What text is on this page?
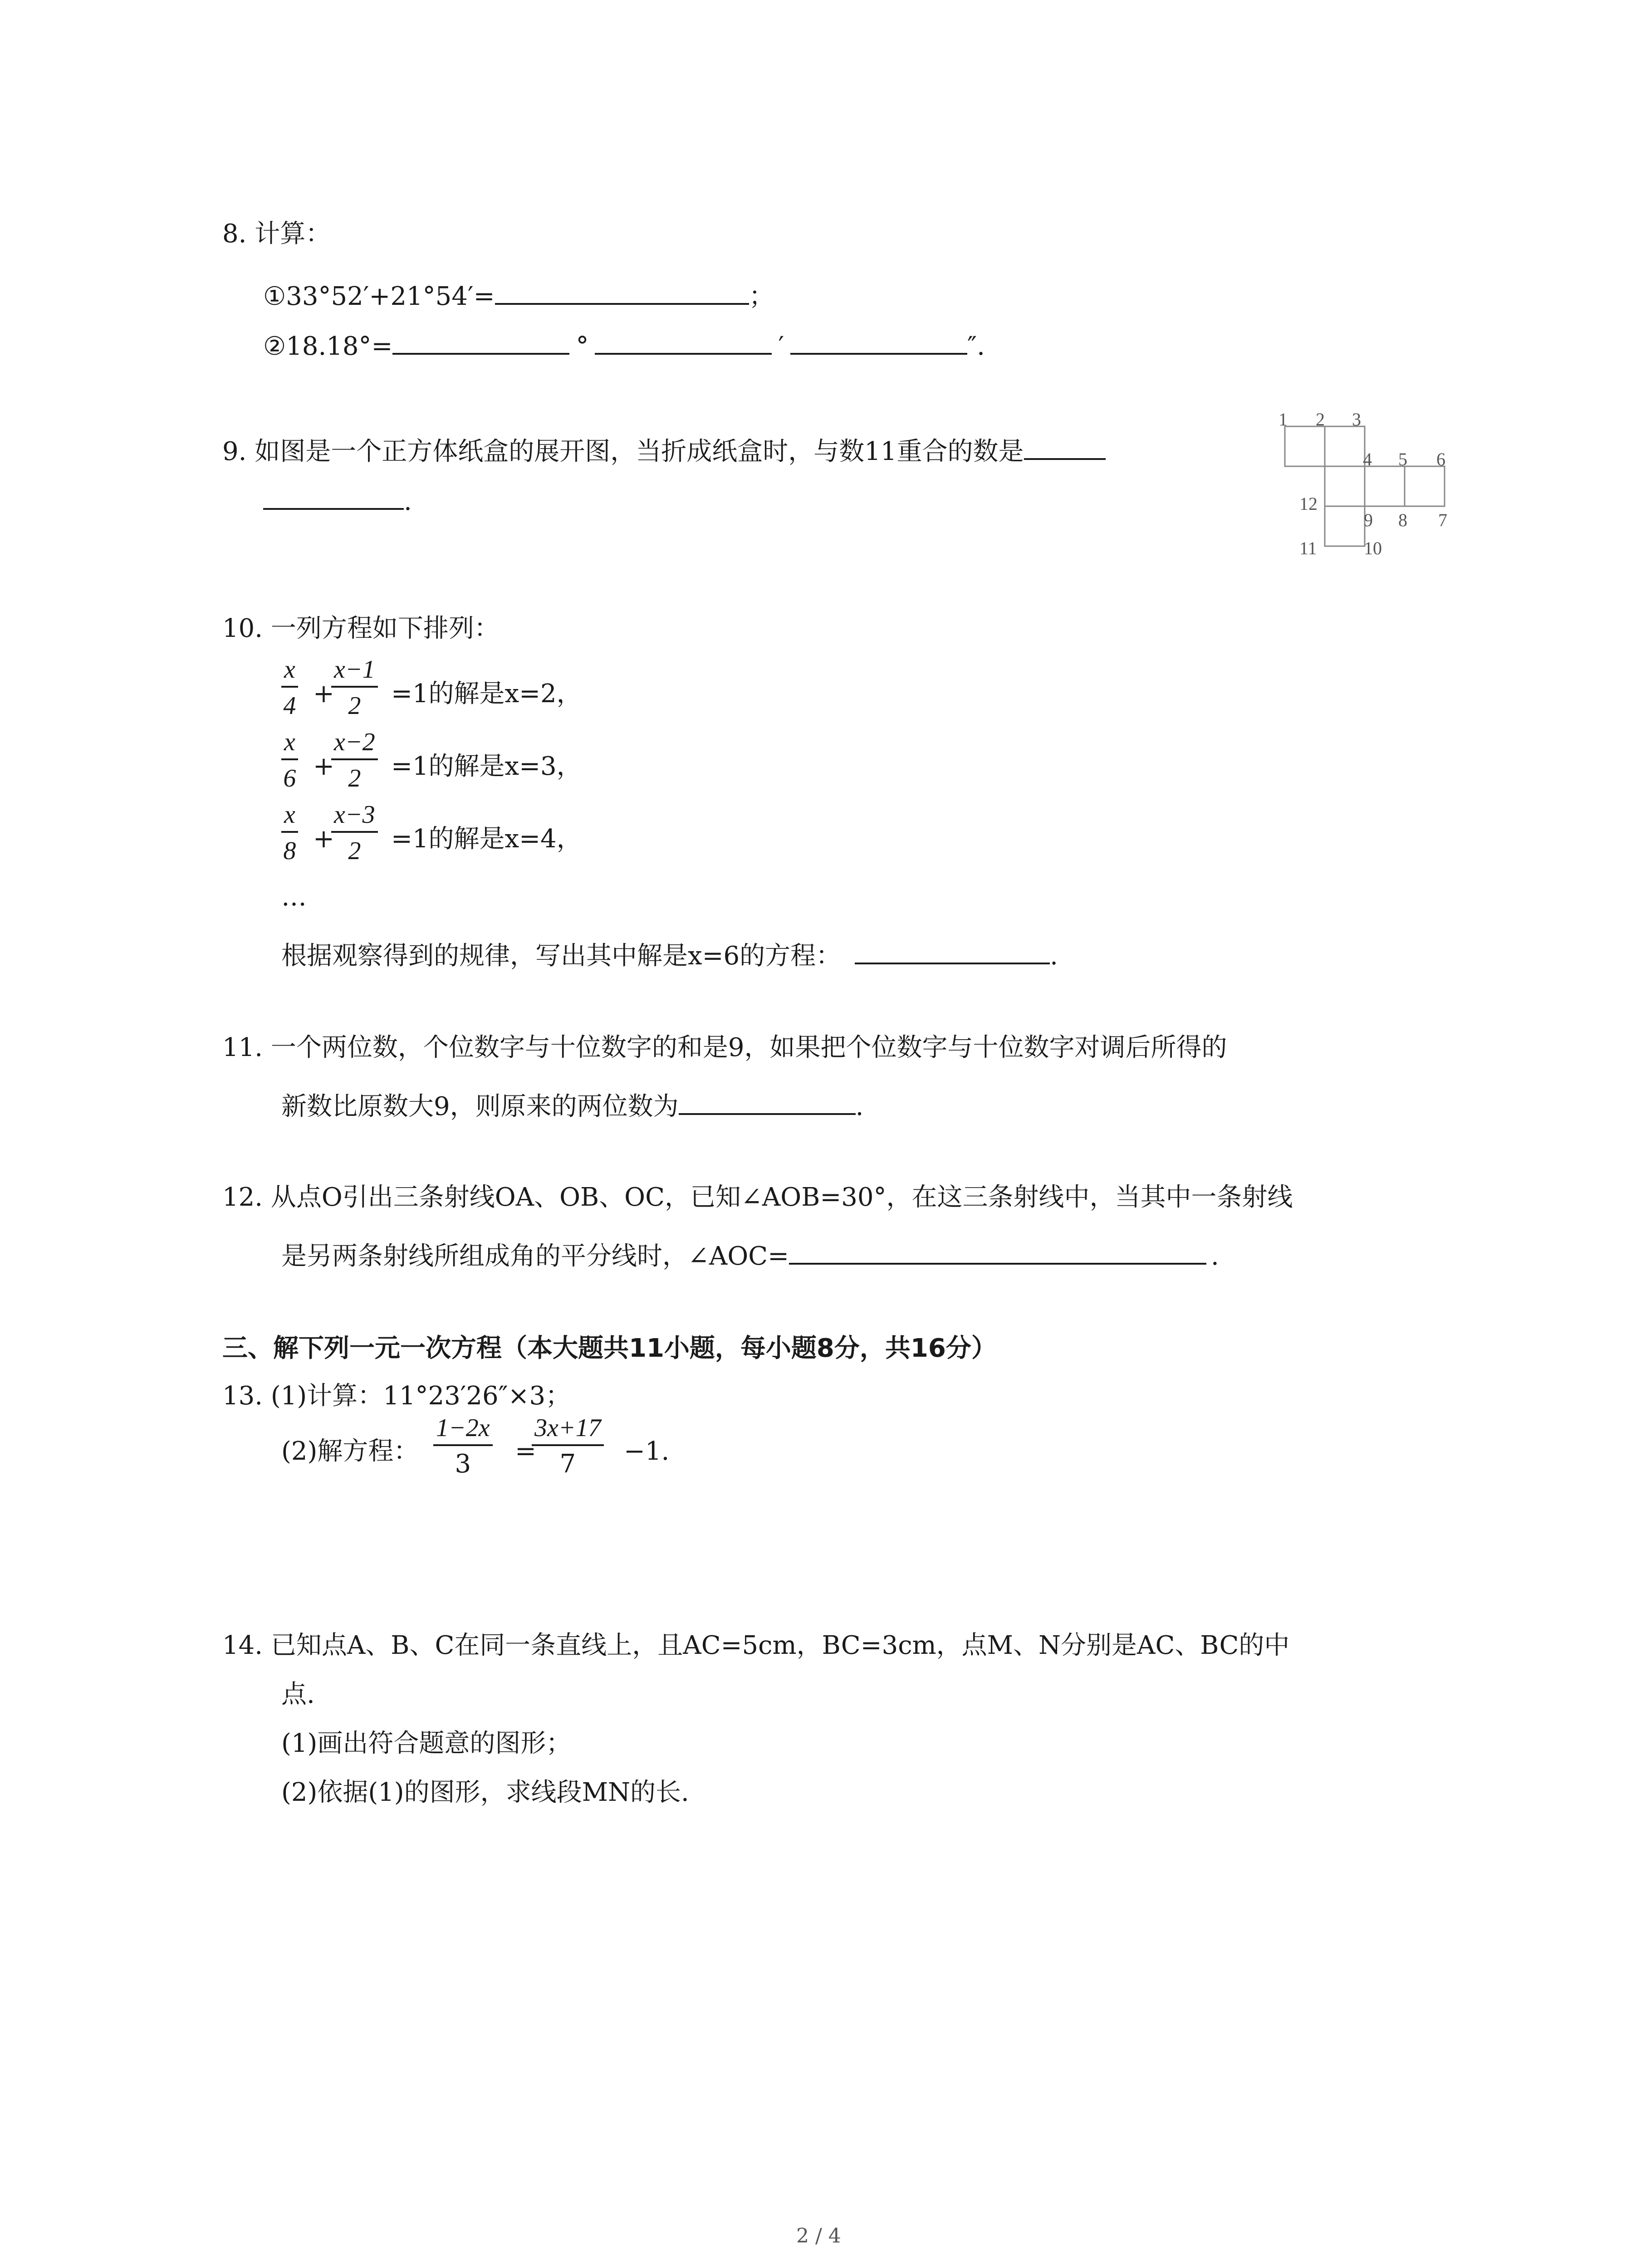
8. 计算：
①33°52′+21°54′=	；
②18.18°=	°	′	″.
9. 如图是一个正方体纸盒的展开图，当折成纸盒时，与数11重合的数是
.
1 2 3
4 5 6
12
9 8 7
11	10
10. 一列方程如下排列：
$\frac{x}{4}$ +
$\frac{x-1}{2} =1$的解是x=2，
$\frac{x}{6}$ +
$\frac{x-2}{2} =1$的解是x=3，
$\frac{x}{8}$ +
$\frac{x-3}{2} =1$的解是x=4，
…
根据观察得到的规律，写出其中解是x=6的方程：	.
11. 一个两位数，个位数字与十位数字的和是9，如果把个位数字与十位数字对调后所得的
新数比原数大9，则原来的两位数为	.
12. 从点O引出三条射线OA、OB、OC，已知∠AOB=30°，在这三条射线中，当其中一条射线
是另两条射线所组成角的平分线时，∠AOC=	.
三、解下列一元一次方程（本大题共11小题，每小题8分，共16分）
13. (1)计算：11°23′26″×3；
(2)解方程： $\frac{1-2x}{3}$ =
$\frac{3x+17}{7} -1$.
14. 已知点A、B、C在同一条直线上，且AC=5cm，BC=3cm，点M、N分别是AC、BC的中
点.
(1)画出符合题意的图形；
(2)依据(1)的图形，求线段MN的长.
2 / 4
